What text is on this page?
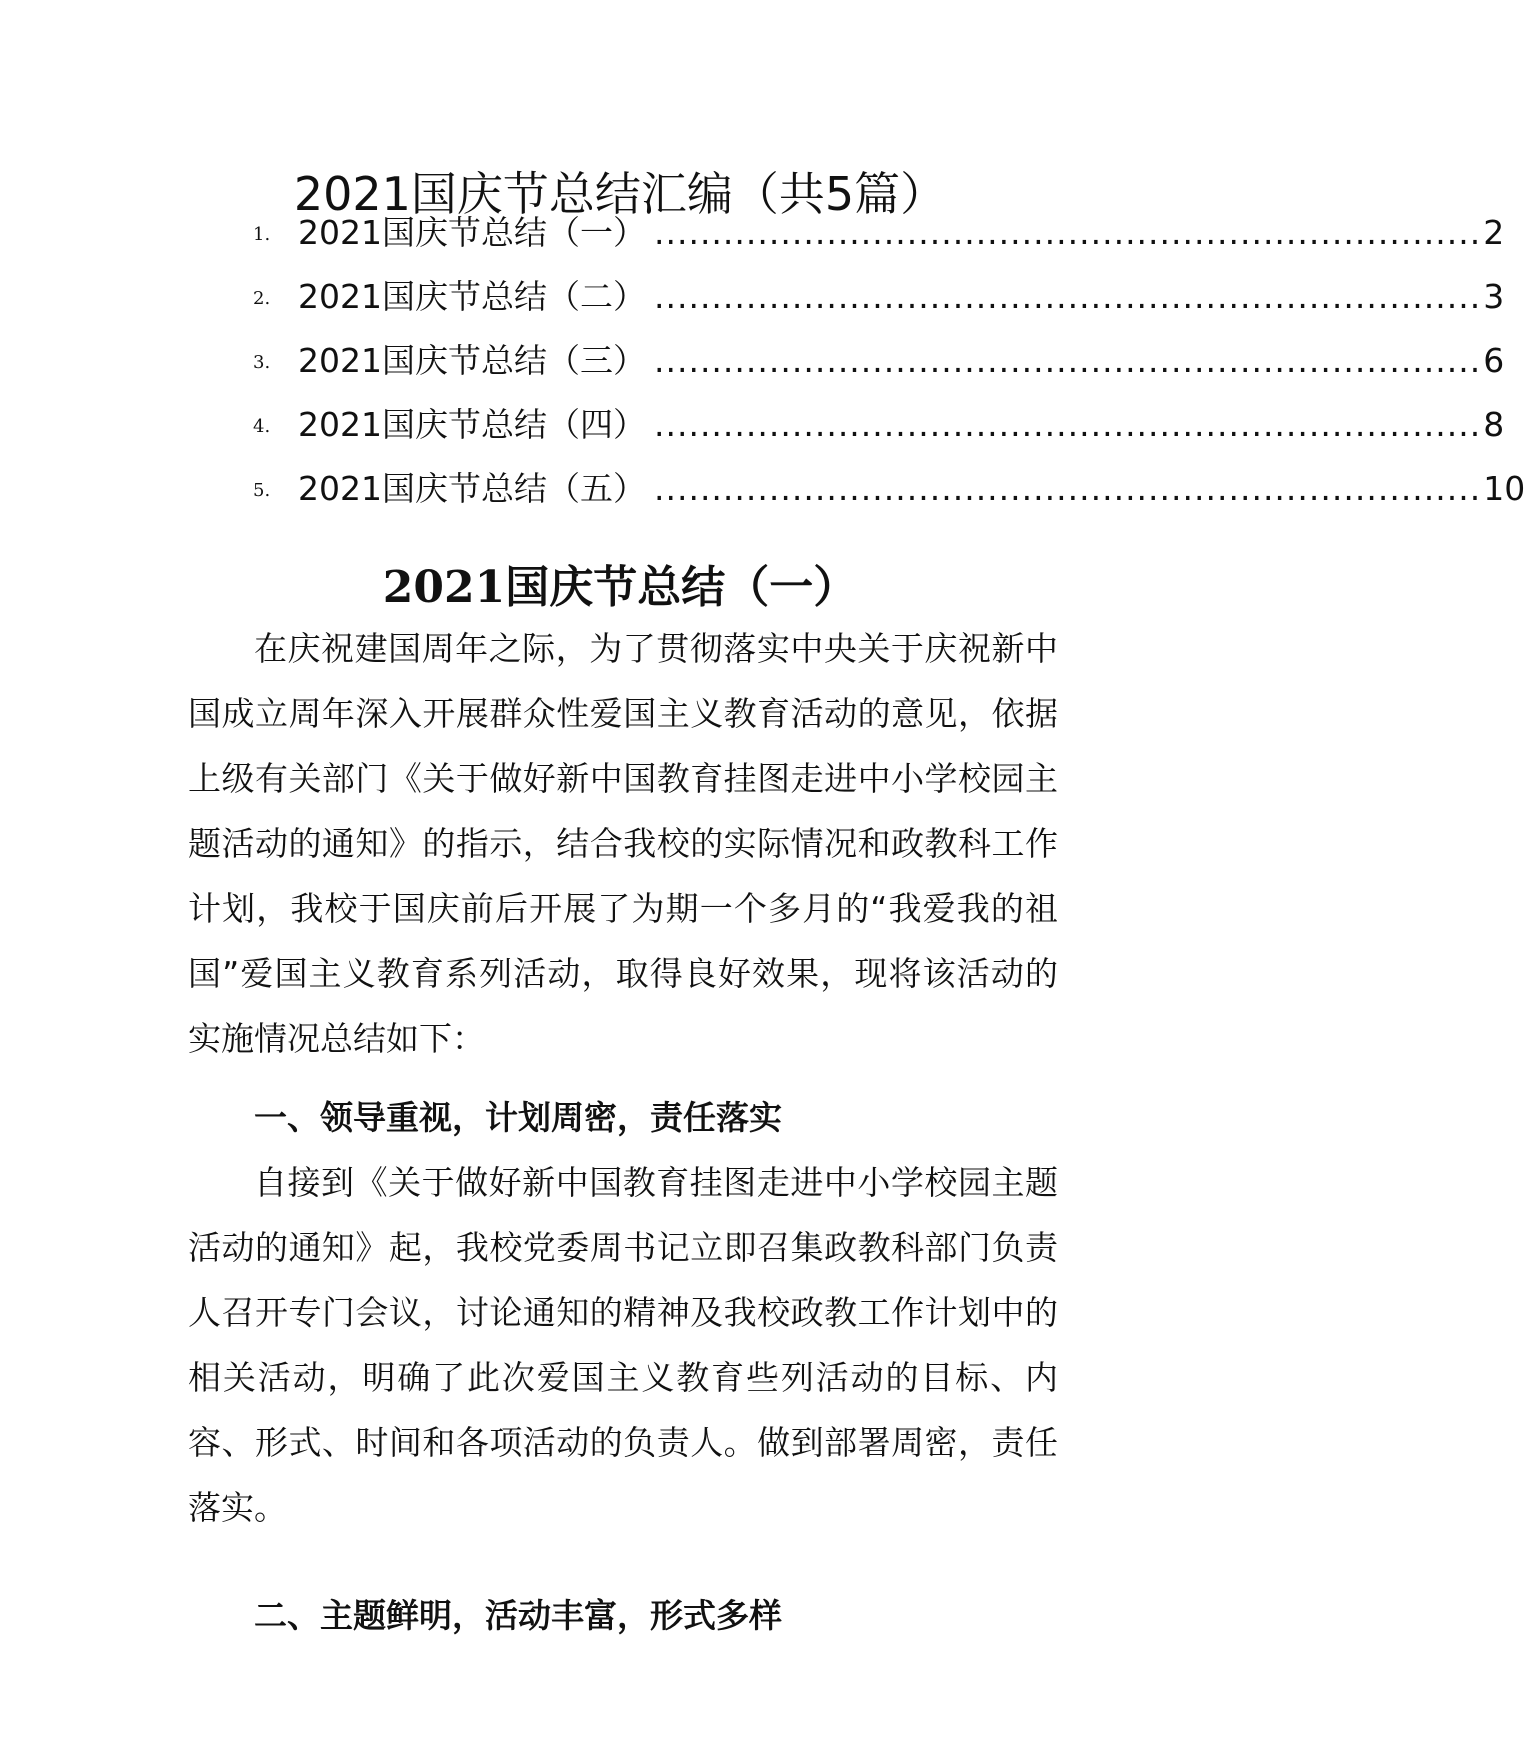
2021国庆节总结汇编（共5篇）
1. 2021国庆节总结（一） ........................................................................ 2
2. 2021国庆节总结（二） ........................................................................ 3
3. 2021国庆节总结（三） ........................................................................ 6
4. 2021国庆节总结（四） ........................................................................ 8
5. 2021国庆节总结（五） ........................................................................ 10
2021国庆节总结（一）

在庆祝建国周年之际，为了贯彻落实中央关于庆祝新中国成立周年深入开展群众性爱国主义教育活动的意见，依据上级有关部门《关于做好新中国教育挂图走进中小学校园主题活动的通知》的指示，结合我校的实际情况和政教科工作计划，我校于国庆前后开展了为期一个多月的“我爱我的祖国”爱国主义教育系列活动，取得良好效果，现将该活动的实施情况总结如下：

一、领导重视，计划周密，责任落实

自接到《关于做好新中国教育挂图走进中小学校园主题活动的通知》起，我校党委周书记立即召集政教科部门负责人召开专门会议，讨论通知的精神及我校政教工作计划中的相关活动，明确了此次爱国主义教育些列活动的目标、内容、形式、时间和各项活动的负责人。做到部署周密，责任落实。

二、主题鲜明，活动丰富，形式多样
